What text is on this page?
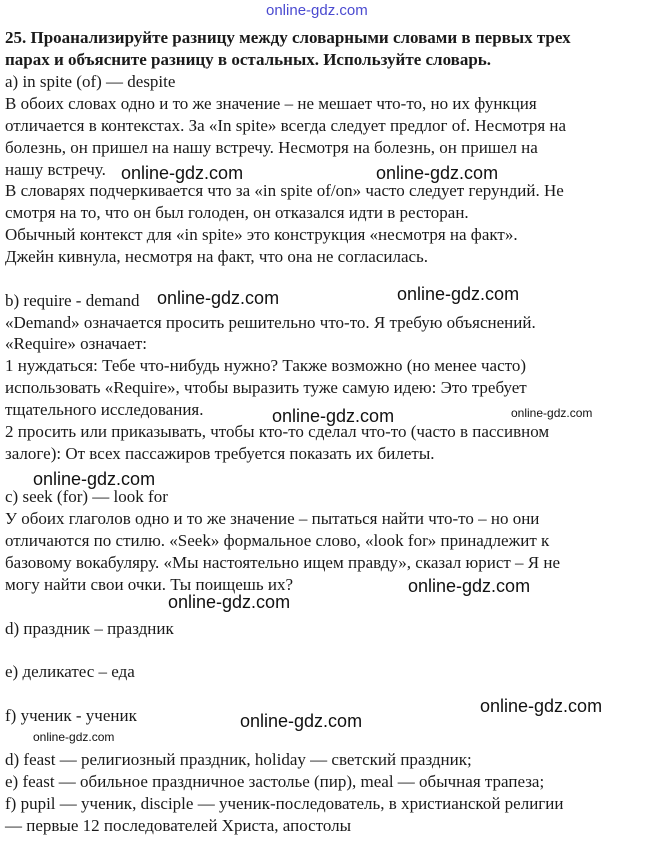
online-gdz.com
25. Проанализируйте разницу между словарными словами в первых трех
парах и объясните разницу в остальных. Используйте словарь.
a) in spite (of) — despite
В обоих словах одно и то же значение – не мешает что-то, но их функция
отличается в контекстах. За «In spite» всегда следует предлог of. Несмотря на
болезнь, он пришел на нашу встречу. Несмотря на болезнь, он пришел на
нашу встречу.
В словарях подчеркивается что за «in spite of/on» часто следует герундий. Не
смотря на то, что он был голоден, он отказался идти в ресторан.
Обычный контекст для «in spite» это конструкция «несмотря на факт».
Джейн кивнула, несмотря на факт, что она не согласилась.
b) require - demand
«Demand» означается просить решительно что-то. Я требую объяснений.
«Require» означает:
1 нуждаться: Тебе что-нибудь нужно? Также возможно (но менее часто)
использовать «Require», чтобы выразить туже самую идею: Это требует
тщательного исследования.
2 просить или приказывать, чтобы кто-то сделал что-то (часто в пассивном
залоге): От всех пассажиров требуется показать их билеты.
c) seek (for) — look for
У обоих глаголов одно и то же значение – пытаться найти что-то – но они
отличаются по стилю. «Seek» формальное слово, «look for» принадлежит к
базовому вокабуляру. «Мы настоятельно ищем правду», сказал юрист – Я не
могу найти свои очки. Ты поищешь их?
d) праздник – праздник
e) деликатес – еда
f) ученик - ученик
d) feast — религиозный праздник, holiday — светский праздник;
e) feast — обильное праздничное застолье (пир), meal — обычная трапеза;
f) pupil — ученик, disciple — ученик-последователь, в христианской религии
— первые 12 последователей Христа, апостолы
online-gdz.com	online-gdz.com
online-gdz.com	online-gdz.com
online-gdz.com	online-gdz.com
online-gdz.com
online-gdz.com
online-gdz.com
online-gdz.com
online-gdz.com
online-gdz.com
